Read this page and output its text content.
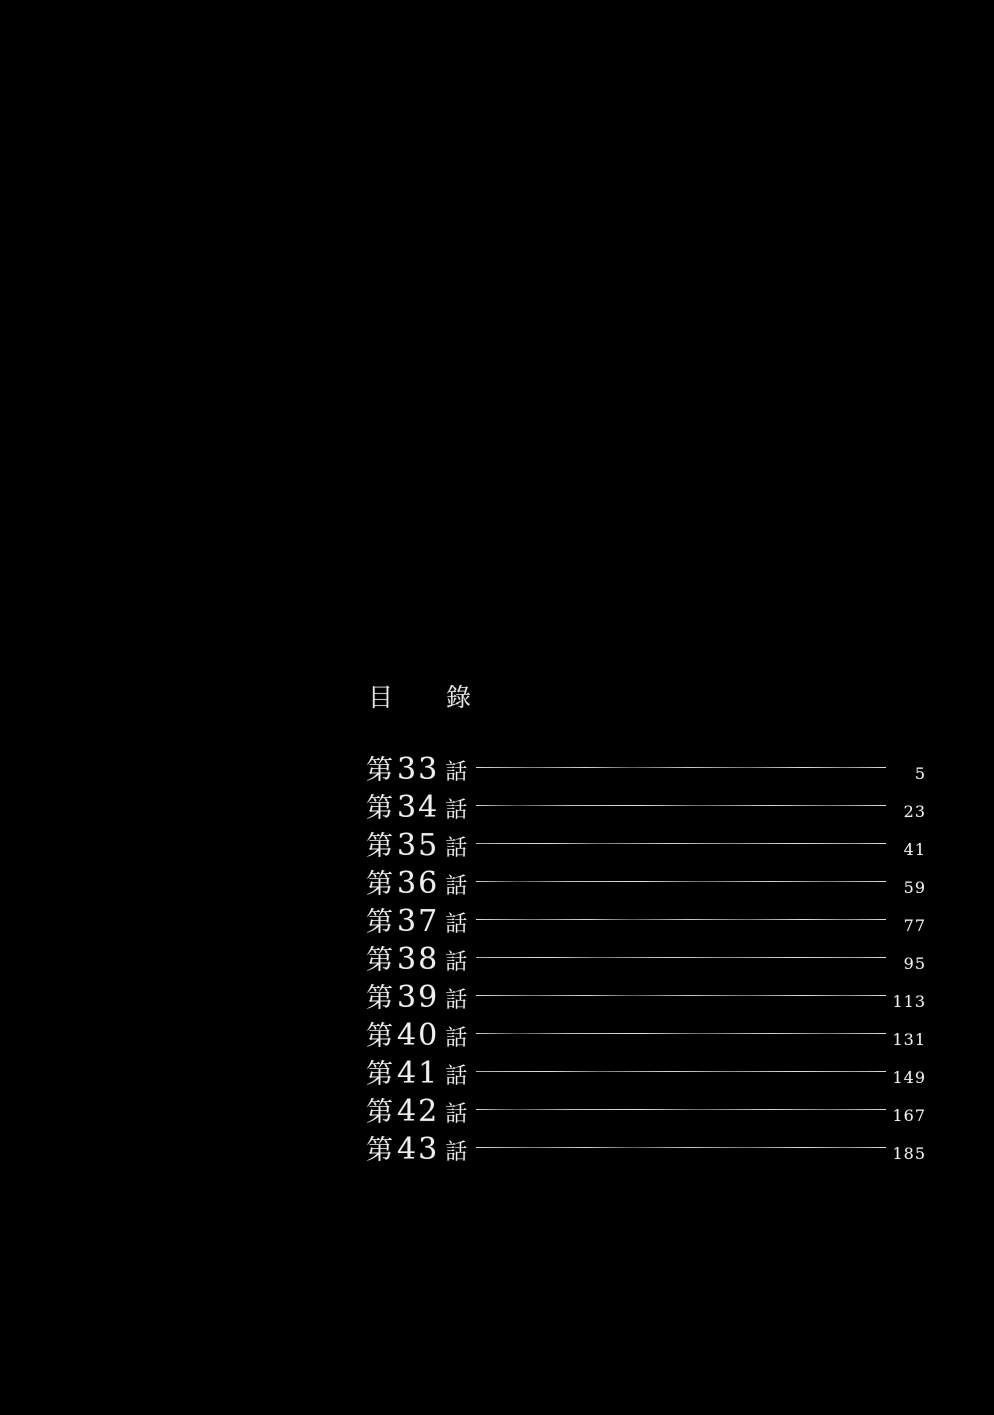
目　錄
第 33 話	5
第 34 話	23
第 35 話	41
第 36 話	59
第 37 話	77
第 38 話	95
第 39 話	113
第 40 話	131
第 41 話	149
第 42 話	167
第 43 話	185
